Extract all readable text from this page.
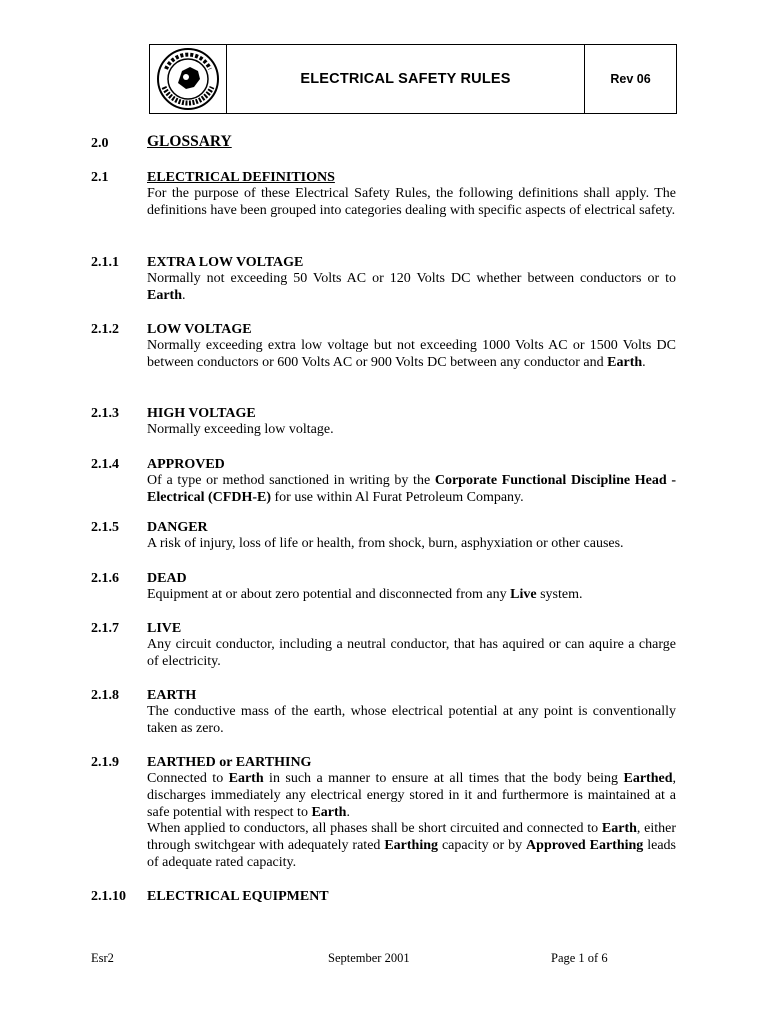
ELECTRICAL SAFETY RULES	Rev 06
2.0 GLOSSARY
2.1	ELECTRICAL DEFINITIONS
For the purpose of these Electrical Safety Rules, the following definitions shall apply. The definitions have been grouped into categories dealing with specific aspects of electrical safety.
2.1.1 EXTRA LOW VOLTAGE
Normally not exceeding 50 Volts AC or 120 Volts DC whether between conductors or to Earth.
2.1.2 LOW VOLTAGE
Normally exceeding extra low voltage but not exceeding 1000 Volts AC or 1500 Volts DC between conductors or 600 Volts AC or 900 Volts DC between any conductor and Earth.
2.1.3 HIGH VOLTAGE
Normally exceeding low voltage.
2.1.4 APPROVED
Of a type or method sanctioned in writing by the Corporate Functional Discipline Head - Electrical (CFDH-E) for use within Al Furat Petroleum Company.
2.1.5 DANGER
A risk of injury, loss of life or health, from shock, burn, asphyxiation or other causes.
2.1.6 DEAD
Equipment at or about zero potential and disconnected from any Live system.
2.1.7 LIVE
Any circuit conductor, including a neutral conductor, that has aquired or can aquire a charge of electricity.
2.1.8 EARTH
The conductive mass of the earth, whose electrical potential at any point is conventionally taken as zero.
2.1.9 EARTHED or EARTHING
Connected to Earth in such a manner to ensure at all times that the body being Earthed, discharges immediately any electrical energy stored in it and furthermore is maintained at a safe potential with respect to Earth.
When applied to conductors, all phases shall be short circuited and connected to Earth, either through switchgear with adequately rated Earthing capacity or by Approved Earthing leads of adequate rated capacity.
2.1.10 ELECTRICAL EQUIPMENT
Esr2	September 2001	Page 1 of 6
